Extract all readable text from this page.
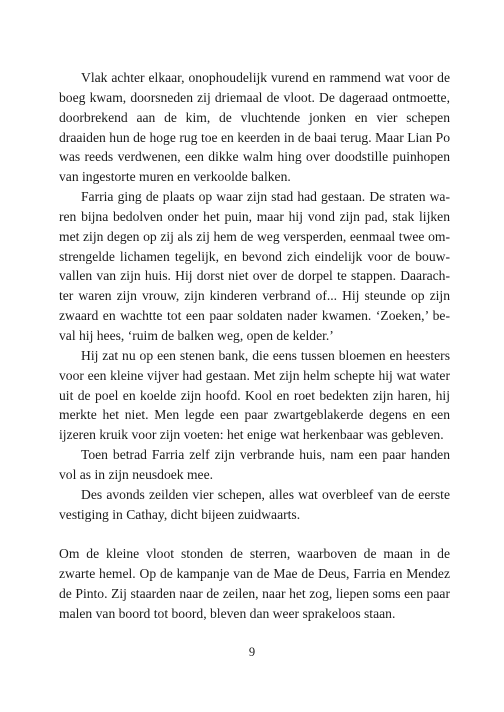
Vlak achter elkaar, onophoudelijk vurend en rammend wat voor de boeg kwam, doorsneden zij driemaal de vloot. De dageraad ontmoette, doorbrekend aan de kim, de vluchtende jonken en vier schepen draaiden hun de hoge rug toe en keerden in de baai terug. Maar Lian Po was reeds verdwenen, een dikke walm hing over doodstille puinhopen van ingestorte muren en verkoolde balken.

Farria ging de plaats op waar zijn stad had gestaan. De straten waren bijna bedolven onder het puin, maar hij vond zijn pad, stak lijken met zijn degen op zij als zij hem de weg versperden, eenmaal twee omstrengelde lichamen tegelijk, en bevond zich eindelijk voor de bouwvallen van zijn huis. Hij dorst niet over de dorpel te stappen. Daarachter waren zijn vrouw, zijn kinderen verbrand of... Hij steunde op zijn zwaard en wachtte tot een paar soldaten nader kwamen. ‘Zoeken,’ beval hij hees, ‘ruim de balken weg, open de kelder.’

Hij zat nu op een stenen bank, die eens tussen bloemen en heesters voor een kleine vijver had gestaan. Met zijn helm schepte hij wat water uit de poel en koelde zijn hoofd. Kool en roet bedekten zijn haren, hij merkte het niet. Men legde een paar zwartgeblakerde degens en een ijzeren kruik voor zijn voeten: het enige wat herkenbaar was gebleven.

Toen betrad Farria zelf zijn verbrande huis, nam een paar handen vol as in zijn neusdoek mee.

Des avonds zeilden vier schepen, alles wat overbleef van de eerste vestiging in Cathay, dicht bijeen zuidwaarts.

Om de kleine vloot stonden de sterren, waarboven de maan in de zwarte hemel. Op de kampanje van de Mae de Deus, Farria en Mendez de Pinto. Zij staarden naar de zeilen, naar het zog, liepen soms een paar malen van boord tot boord, bleven dan weer sprakeloos staan.

9
